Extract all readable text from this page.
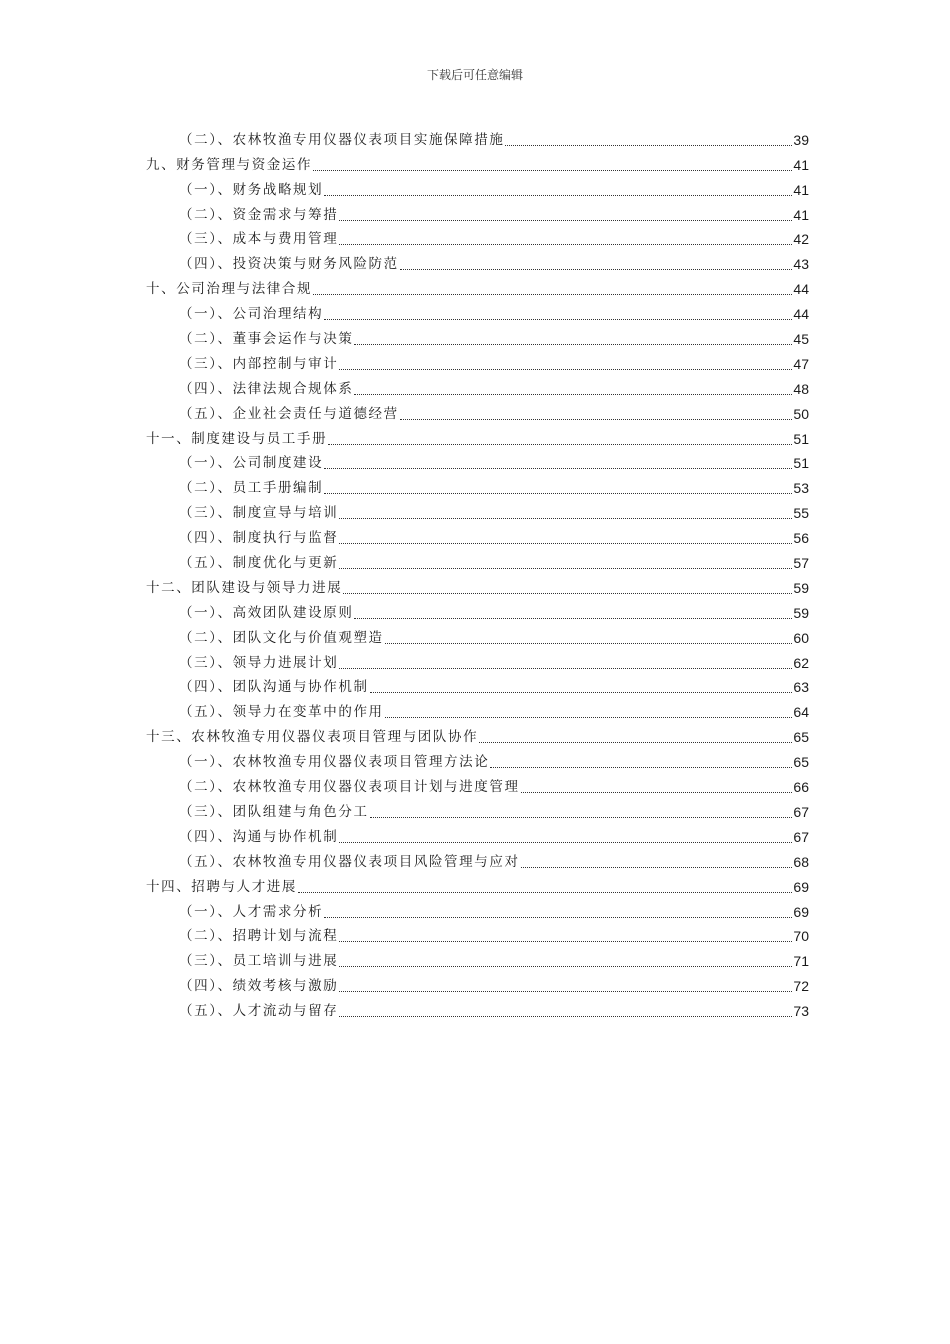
下载后可任意编辑
（二）、农林牧渔专用仪器仪表项目实施保障措施	39
九、财务管理与资金运作	41
（一）、财务战略规划	41
（二）、资金需求与筹措	41
（三）、成本与费用管理	42
（四）、投资决策与财务风险防范	43
十、公司治理与法律合规	44
（一）、公司治理结构	44
（二）、董事会运作与决策	45
（三）、内部控制与审计	47
（四）、法律法规合规体系	48
（五）、企业社会责任与道德经营	50
十一、制度建设与员工手册	51
（一）、公司制度建设	51
（二）、员工手册编制	53
（三）、制度宣导与培训	55
（四）、制度执行与监督	56
（五）、制度优化与更新	57
十二、团队建设与领导力进展	59
（一）、高效团队建设原则	59
（二）、团队文化与价值观塑造	60
（三）、领导力进展计划	62
（四）、团队沟通与协作机制	63
（五）、领导力在变革中的作用	64
十三、农林牧渔专用仪器仪表项目管理与团队协作	65
（一）、农林牧渔专用仪器仪表项目管理方法论	65
（二）、农林牧渔专用仪器仪表项目计划与进度管理	66
（三）、团队组建与角色分工	67
（四）、沟通与协作机制	67
（五）、农林牧渔专用仪器仪表项目风险管理与应对	68
十四、招聘与人才进展	69
（一）、人才需求分析	69
（二）、招聘计划与流程	70
（三）、员工培训与进展	71
（四）、绩效考核与激励	72
（五）、人才流动与留存	73
